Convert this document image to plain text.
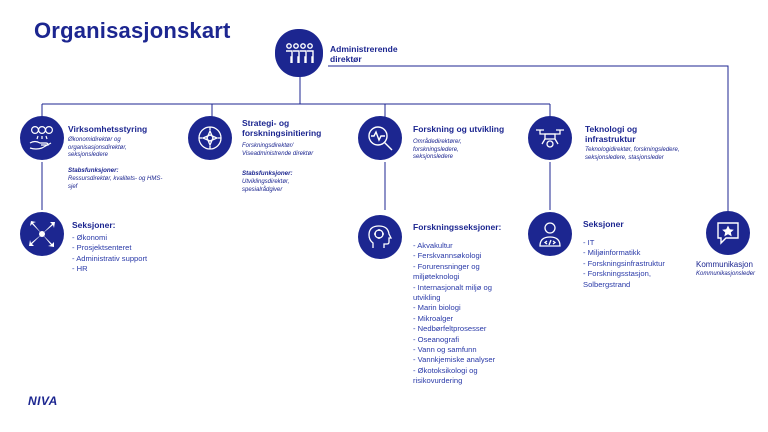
Organisasjonskart
Administrerende direktør
Virksomhetsstyring
Økonomidirektør og organisasjonsdirektør, seksjonsledere
Stabsfunksjoner:
Ressursdirektør, kvalitets- og HMS-sjef
Strategi- og forskningsinitiering
Forskningsdirektør/ Viseadministrende direktør
Stabsfunksjoner:
Utviklingsdirektør, spesialrådgiver
Forskning og utvikling
Områdedirektører, forskningsledere, seksjonsledere
Teknologi og infrastruktur
Teknologidirektør, forskningsledere, seksjonsledere, stasjonsleder
Seksjoner:
- Økonomi
- Prosjektsenteret
- Administrativ support
- HR
Forskningsseksjoner:
- Akvakultur
- Ferskvannsøkologi
- Forurensninger og miljøteknologi
- Internasjonalt miljø og utvikling
- Marin biologi
- Mikroalger
- Nedbørfeltprosesser
- Oseanografi
- Vann og samfunn
- Vannkjemiske analyser
- Økotoksikologi og risikovurdering
Seksjoner
- IT
- Miljøinformatikk
- Forskningsinfrastruktur
- Forskningsstasjon, Solbergstrand
Kommunikasjon
Kommunikasjonsleder
NIVA
